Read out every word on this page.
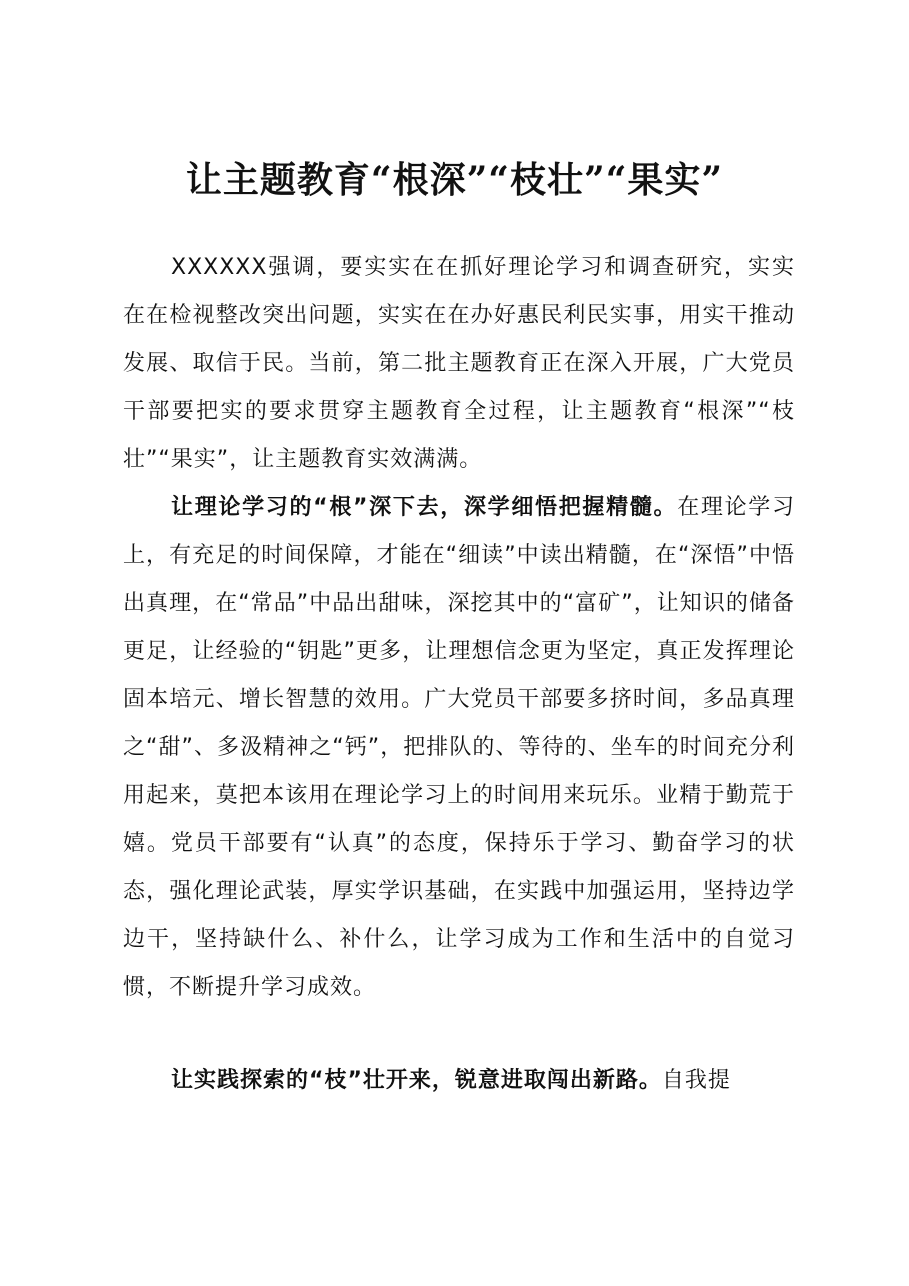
让主题教育“根深”“枝壮”“果实”

XXXXXX强调，要实实在在抓好理论学习和调查研究，实实在在检视整改突出问题，实实在在办好惠民利民实事，用实干推动发展、取信于民。当前，第二批主题教育正在深入开展，广大党员干部要把实的要求贯穿主题教育全过程，让主题教育“根深”“枝壮”“果实”，让主题教育实效满满。

让理论学习的“根”深下去，深学细悟把握精髓。在理论学习上，有充足的时间保障，才能在“细读”中读出精髓，在“深悟”中悟出真理，在“常品”中品出甜味，深挖其中的“富矿”，让知识的储备更足，让经验的“钥匙”更多，让理想信念更为坚定，真正发挥理论固本培元、增长智慧的效用。广大党员干部要多挤时间，多品真理之“甜”、多汲精神之“钙”，把排队的、等待的、坐车的时间充分利用起来，莫把本该用在理论学习上的时间用来玩乐。业精于勤荒于嬉。党员干部要有“认真”的态度，保持乐于学习、勤奋学习的状态，强化理论武装，厚实学识基础，在实践中加强运用，坚持边学边干，坚持缺什么、补什么，让学习成为工作和生活中的自觉习惯，不断提升学习成效。

让实践探索的“枝”壮开来，锐意进取闯出新路。自我提
